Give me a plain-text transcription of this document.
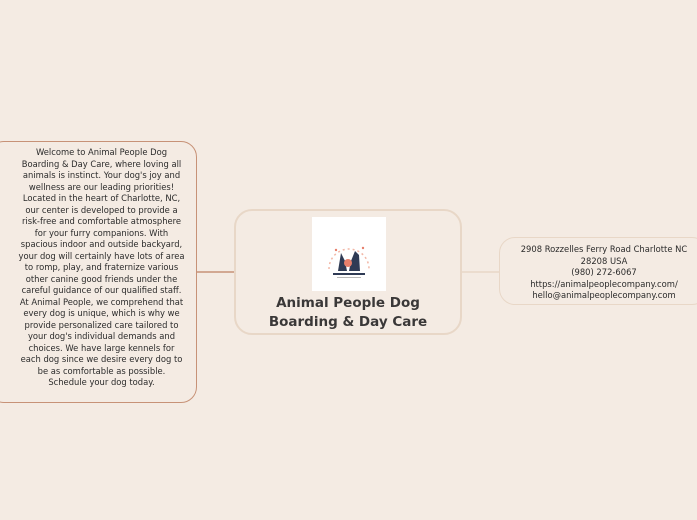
Welcome to Animal People Dog
Boarding & Day Care, where loving all
animals is instinct. Your dog's joy and
wellness are our leading priorities!
Located in the heart of Charlotte, NC,
our center is developed to provide a
risk-free and comfortable atmosphere
for your furry companions. With
spacious indoor and outside backyard,
your dog will certainly have lots of area
to romp, play, and fraternize various
other canine good friends under the
careful guidance of our qualified staff.
At Animal People, we comprehend that
every dog is unique, which is why we
provide personalized care tailored to
your dog's individual demands and
choices. We have large kennels for
each dog since we desire every dog to
be as comfortable as possible.
Schedule your dog today.

Animal People Dog
Boarding & Day Care

2908 Rozzelles Ferry Road Charlotte NC
28208 USA
(980) 272-6067
https://animalpeoplecompany.com/
hello@animalpeoplecompany.com
